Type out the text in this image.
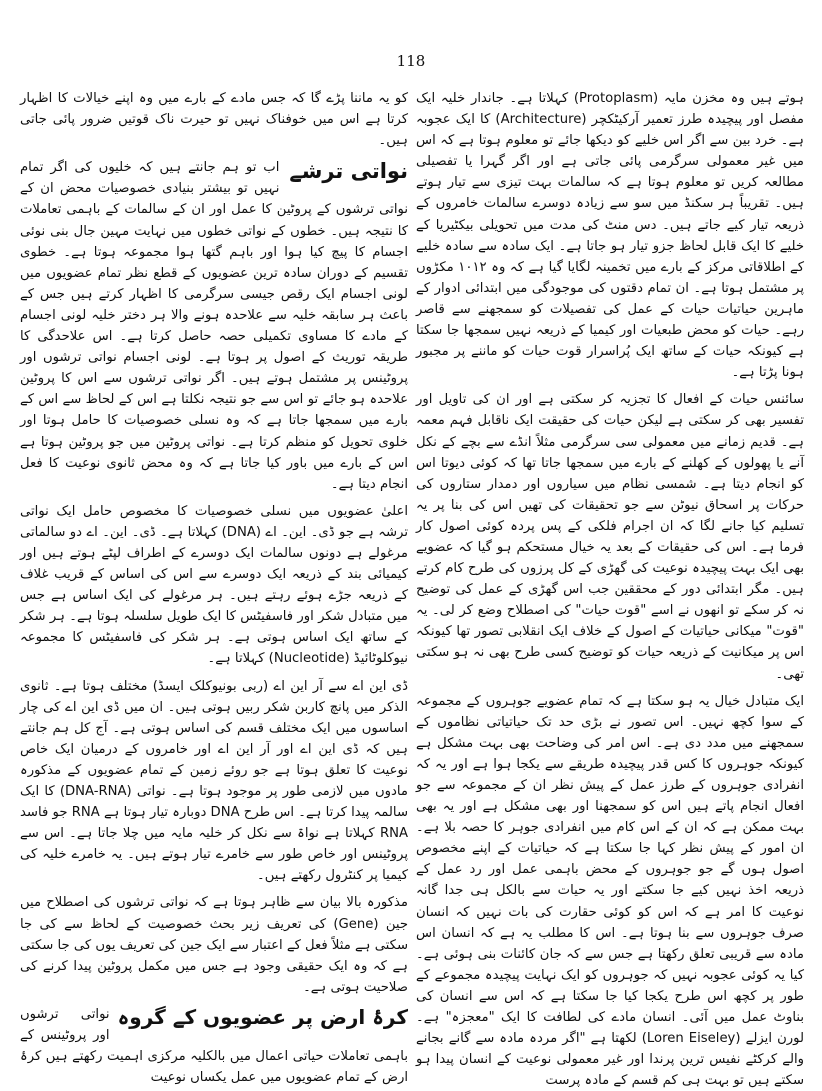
118

ہوتے ہیں وہ مخزن مایہ (Protoplasm) کہلاتا ہے۔ جاندار خلیہ ایک مفصل اور پیچیدہ طرز تعمیر آرکیٹکچر (Architecture) کا ایک عجوبہ ہے۔ خرد بین سے اگر اس خلیے کو دیکھا جائے تو معلوم ہوتا ہے کہ اس میں غیر معمولی سرگرمی پائی جاتی ہے اور اگر گہرا یا تفصیلی مطالعہ کریں تو معلوم ہوتا ہے کہ سالمات بہت تیزی سے تیار ہوتے ہیں۔ تقریباً ہر سکنڈ میں سو سے زیادہ دوسرے سالمات خامروں کے ذریعہ تیار کیے جاتے ہیں۔ دس منٹ کی مدت میں تحویلی بیکٹیریا کے خلیے کا ایک قابل لحاظ جزو تیار ہو جاتا ہے۔ ایک سادہ سے سادہ خلیے کے اطلاقاتی مرکز کے بارے میں تخمینہ لگایا گیا ہے کہ وہ ۱۰۱۲ مکڑوں پر مشتمل ہوتا ہے۔ ان تمام دقتوں کی موجودگی میں ابتدائی ادوار کے ماہرین حیاتیات حیات کے عمل کی تفصیلات کو سمجھنے سے قاصر رہے۔ حیات کو محض طبعیات اور کیمیا کے ذریعہ نہیں سمجھا جا سکتا ہے کیونکہ حیات کے ساتھ ایک پُراسرار قوت حیات کو ماننے پر مجبور ہونا پڑتا ہے۔

سائنس حیات کے افعال کا تجزیہ کر سکتی ہے اور ان کی تاویل اور تفسیر بھی کر سکتی ہے لیکن حیات کی حقیقت ایک ناقابل فہم معمہ ہے۔ قدیم زمانے میں معمولی سی سرگرمی مثلاً انڈے سے بچے کے نکل آنے یا پھولوں کے کھلنے کے بارے میں سمجھا جاتا تھا کہ کوئی دیوتا اس کو انجام دیتا ہے۔ شمسی نظام میں سیاروں اور دمدار ستاروں کی حرکات پر اسحاق نیوٹن سے جو تحقیقات کی تھیں اس کی بنا پر یہ تسلیم کیا جانے لگا کہ ان اجرام فلکی کے پس پردہ کوئی اصول کار فرما ہے۔ اس کی حقیقات کے بعد یہ خیال مستحکم ہو گیا کہ عضویے بھی ایک بہت پیچیدہ نوعیت کی گھڑی کے کل پرزوں کی طرح کام کرتے ہیں۔ مگر ابتدائی دور کے محققین جب اس گھڑی کے عمل کی توضیح نہ کر سکے تو انھوں نے اسے "قوت حیات" کی اصطلاح وضع کر لی۔ یہ "قوت" میکانی حیاتیات کے اصول کے خلاف ایک انقلابی تصور تھا کیونکہ اس پر میکانیت کے ذریعہ حیات کو توضیح کسی طرح بھی نہ ہو سکتی تھی۔

ایک متبادل خیال یہ ہو سکتا ہے کہ تمام عضویے جوہروں کے مجموعہ کے سوا کچھ نہیں۔ اس تصور نے بڑی حد تک حیاتیاتی نظاموں کے سمجھنے میں مدد دی ہے۔ اس امر کی وضاحت بھی بہت مشکل ہے کیونکہ جوہروں کا کس قدر پیچیدہ طریقے سے یکجا ہوا ہے اور یہ کہ انفرادی جوہروں کے طرز عمل کے پیش نظر ان کے مجموعہ سے جو افعال انجام پاتے ہیں اس کو سمجھنا اور بھی مشکل ہے اور یہ بھی بہت ممکن ہے کہ ان کے اس کام میں انفرادی جوہر کا حصہ بلا ہے۔ ان امور کے پیش نظر کہا جا سکتا ہے کہ حیاتیات کے اپنے مخصوص اصول ہوں گے جو جوہروں کے محض باہمی عمل اور رد عمل کے ذریعہ اخذ نہیں کیے جا سکتے اور یہ حیات سے بالکل ہی جدا گانہ نوعیت کا امر ہے کہ اس کو کوئی حقارت کی بات نہیں کہ انسان صرف جوہروں سے بنا ہوتا ہے۔ اس کا مطلب یہ ہے کہ انسان اس مادہ سے قریبی تعلق رکھتا ہے جس سے کہ جان کائنات بنی ہوئی ہے۔ کیا یہ کوئی عجوبہ نہیں کہ جوہروں کو ایک نہایت پیچیدہ مجموعے کے طور پر کچھ اس طرح یکجا کیا جا سکتا ہے کہ اس سے انسان کی بناوٹ عمل میں آئی۔ انسان مادے کی لطافت کا ایک "معجزہ" ہے۔ لورن ایزلے (Loren Eiseley) لکھتا ہے "اگر مردہ مادہ سے گانے بجانے والے کرکٹے نفیس ترین پرندا اور غیر معمولی نوعیت کے انسان پیدا ہو سکتے ہیں تو بہت ہی کم قسم کے مادہ پرست

کو یہ ماننا پڑے گا کہ جس مادے کے بارے میں وہ اپنے خیالات کا اظہار کرتا ہے اس میں خوفناک نہیں تو حیرت ناک قوتیں ضرور پائی جاتی ہیں۔

نواتی ترشے

اب تو ہم جانتے ہیں کہ خلیوں کی اگر تمام نہیں تو بیشتر بنیادی خصوصیات محض ان کے نواتی ترشوں کے پروٹین کا عمل اور ان کے سالمات کے باہمی تعاملات کا نتیجہ ہیں۔ خطوں کے نواتی خطوں میں نہایت مہین جال بنی نوئی اجسام کا پیچ کیا ہوا اور باہم گتھا ہوا مجموعہ ہوتا ہے۔ خطوی تقسیم کے دوران سادہ ترین عضویوں کے قطع نظر تمام عضویوں میں لونی اجسام ایک رقص جیسی سرگرمی کا اظہار کرتے ہیں جس کے باعث ہر سابقہ خلیہ سے علاحدہ ہونے والا ہر دختر خلیہ لونی اجسام کے مادے کا مساوی تکمیلی حصہ حاصل کرتا ہے۔ اس علاحدگی کا طریقہ توریث کے اصول پر ہوتا ہے۔ لونی اجسام نواتی ترشوں اور پروٹینس پر مشتمل ہوتے ہیں۔ اگر نواتی ترشوں سے اس کا پروٹین علاحدہ ہو جائے تو اس سے جو نتیجہ نکلتا ہے اس کے لحاظ سے اس کے بارے میں سمجھا جاتا ہے کہ وہ نسلی خصوصیات کا حامل ہوتا اور خلوی تحویل کو منظم کرتا ہے۔ نواتی پروٹین میں جو پروٹین ہوتا ہے اس کے بارے میں باور کیا جاتا ہے کہ وہ محض ثانوی نوعیت کا فعل انجام دیتا ہے۔

اعلیٰ عضویوں میں نسلی خصوصیات کا مخصوص حامل ایک نواتی ترشہ ہے جو ڈی۔ این۔ اے (DNA) کہلاتا ہے۔ ڈی۔ این۔ اے دو سالماتی مرغولے ہے دونوں سالمات ایک دوسرے کے اطراف لپٹے ہوتے ہیں اور کیمیائی بند کے ذریعہ ایک دوسرے سے اس کی اساس کے قریب غلاف کے ذریعہ جڑے ہوئے رہتے ہیں۔ ہر مرغولے کی ایک اساس ہے جس میں متبادل شکر اور فاسفیٹس کا ایک طویل سلسلہ ہوتا ہے۔ ہر شکر کے ساتھ ایک اساس ہوتی ہے۔ ہر شکر کی فاسفیٹس کا مجموعہ نیوکلوٹائیڈ (Nucleotide) کہلاتا ہے۔

ڈی این اے سے آر این اے (ربی بونیوکلک ایسڈ) مختلف ہوتا ہے۔ ثانوی الذکر میں پانچ کاربن شکر ربیں ہوتی ہیں۔ ان میں ڈی این اے کی چار اساسوں میں ایک مختلف قسم کی اساس ہوتی ہے۔ آج کل ہم جانتے ہیں کہ ڈی این اے اور آر این اے اور خامروں کے درمیان ایک خاص نوعیت کا تعلق ہوتا ہے جو روئے زمین کے تمام عضویوں کے مذکورہ مادوں میں لازمی طور پر موجود ہوتا ہے۔ نواتی (DNA-RNA) کا ایک سالمہ پیدا کرتا ہے۔ اس طرح DNA دوبارہ تیار ہوتا ہے RNA جو فاسد RNA کہلاتا ہے نواۃ سے نکل کر خلیہ مایہ میں چلا جاتا ہے۔ اس سے پروٹینس اور خاص طور سے خامرے تیار ہوتے ہیں۔ یہ خامرے خلیہ کی کیمیا پر کنٹرول رکھتے ہیں۔

مذکورہ بالا بیان سے ظاہر ہوتا ہے کہ نواتی ترشوں کی اصطلاح میں جین (Gene) کی تعریف زیر بحث خصوصیت کے لحاظ سے کی جا سکتی ہے مثلاً فعل کے اعتبار سے ایک جین کی تعریف یوں کی جا سکتی ہے کہ وہ ایک حقیقی وجود ہے جس میں مکمل پروٹین پیدا کرنے کی صلاحیت ہوتی ہے۔

کرۂ ارض پر عضویوں کے گروہ

نواتی ترشوں اور پروٹینس کے باہمی تعاملات حیاتی اعمال میں بالکلیہ مرکزی اہمیت رکھتے ہیں کرۂ ارض کے تمام عضویوں میں عمل یکساں نوعیت
